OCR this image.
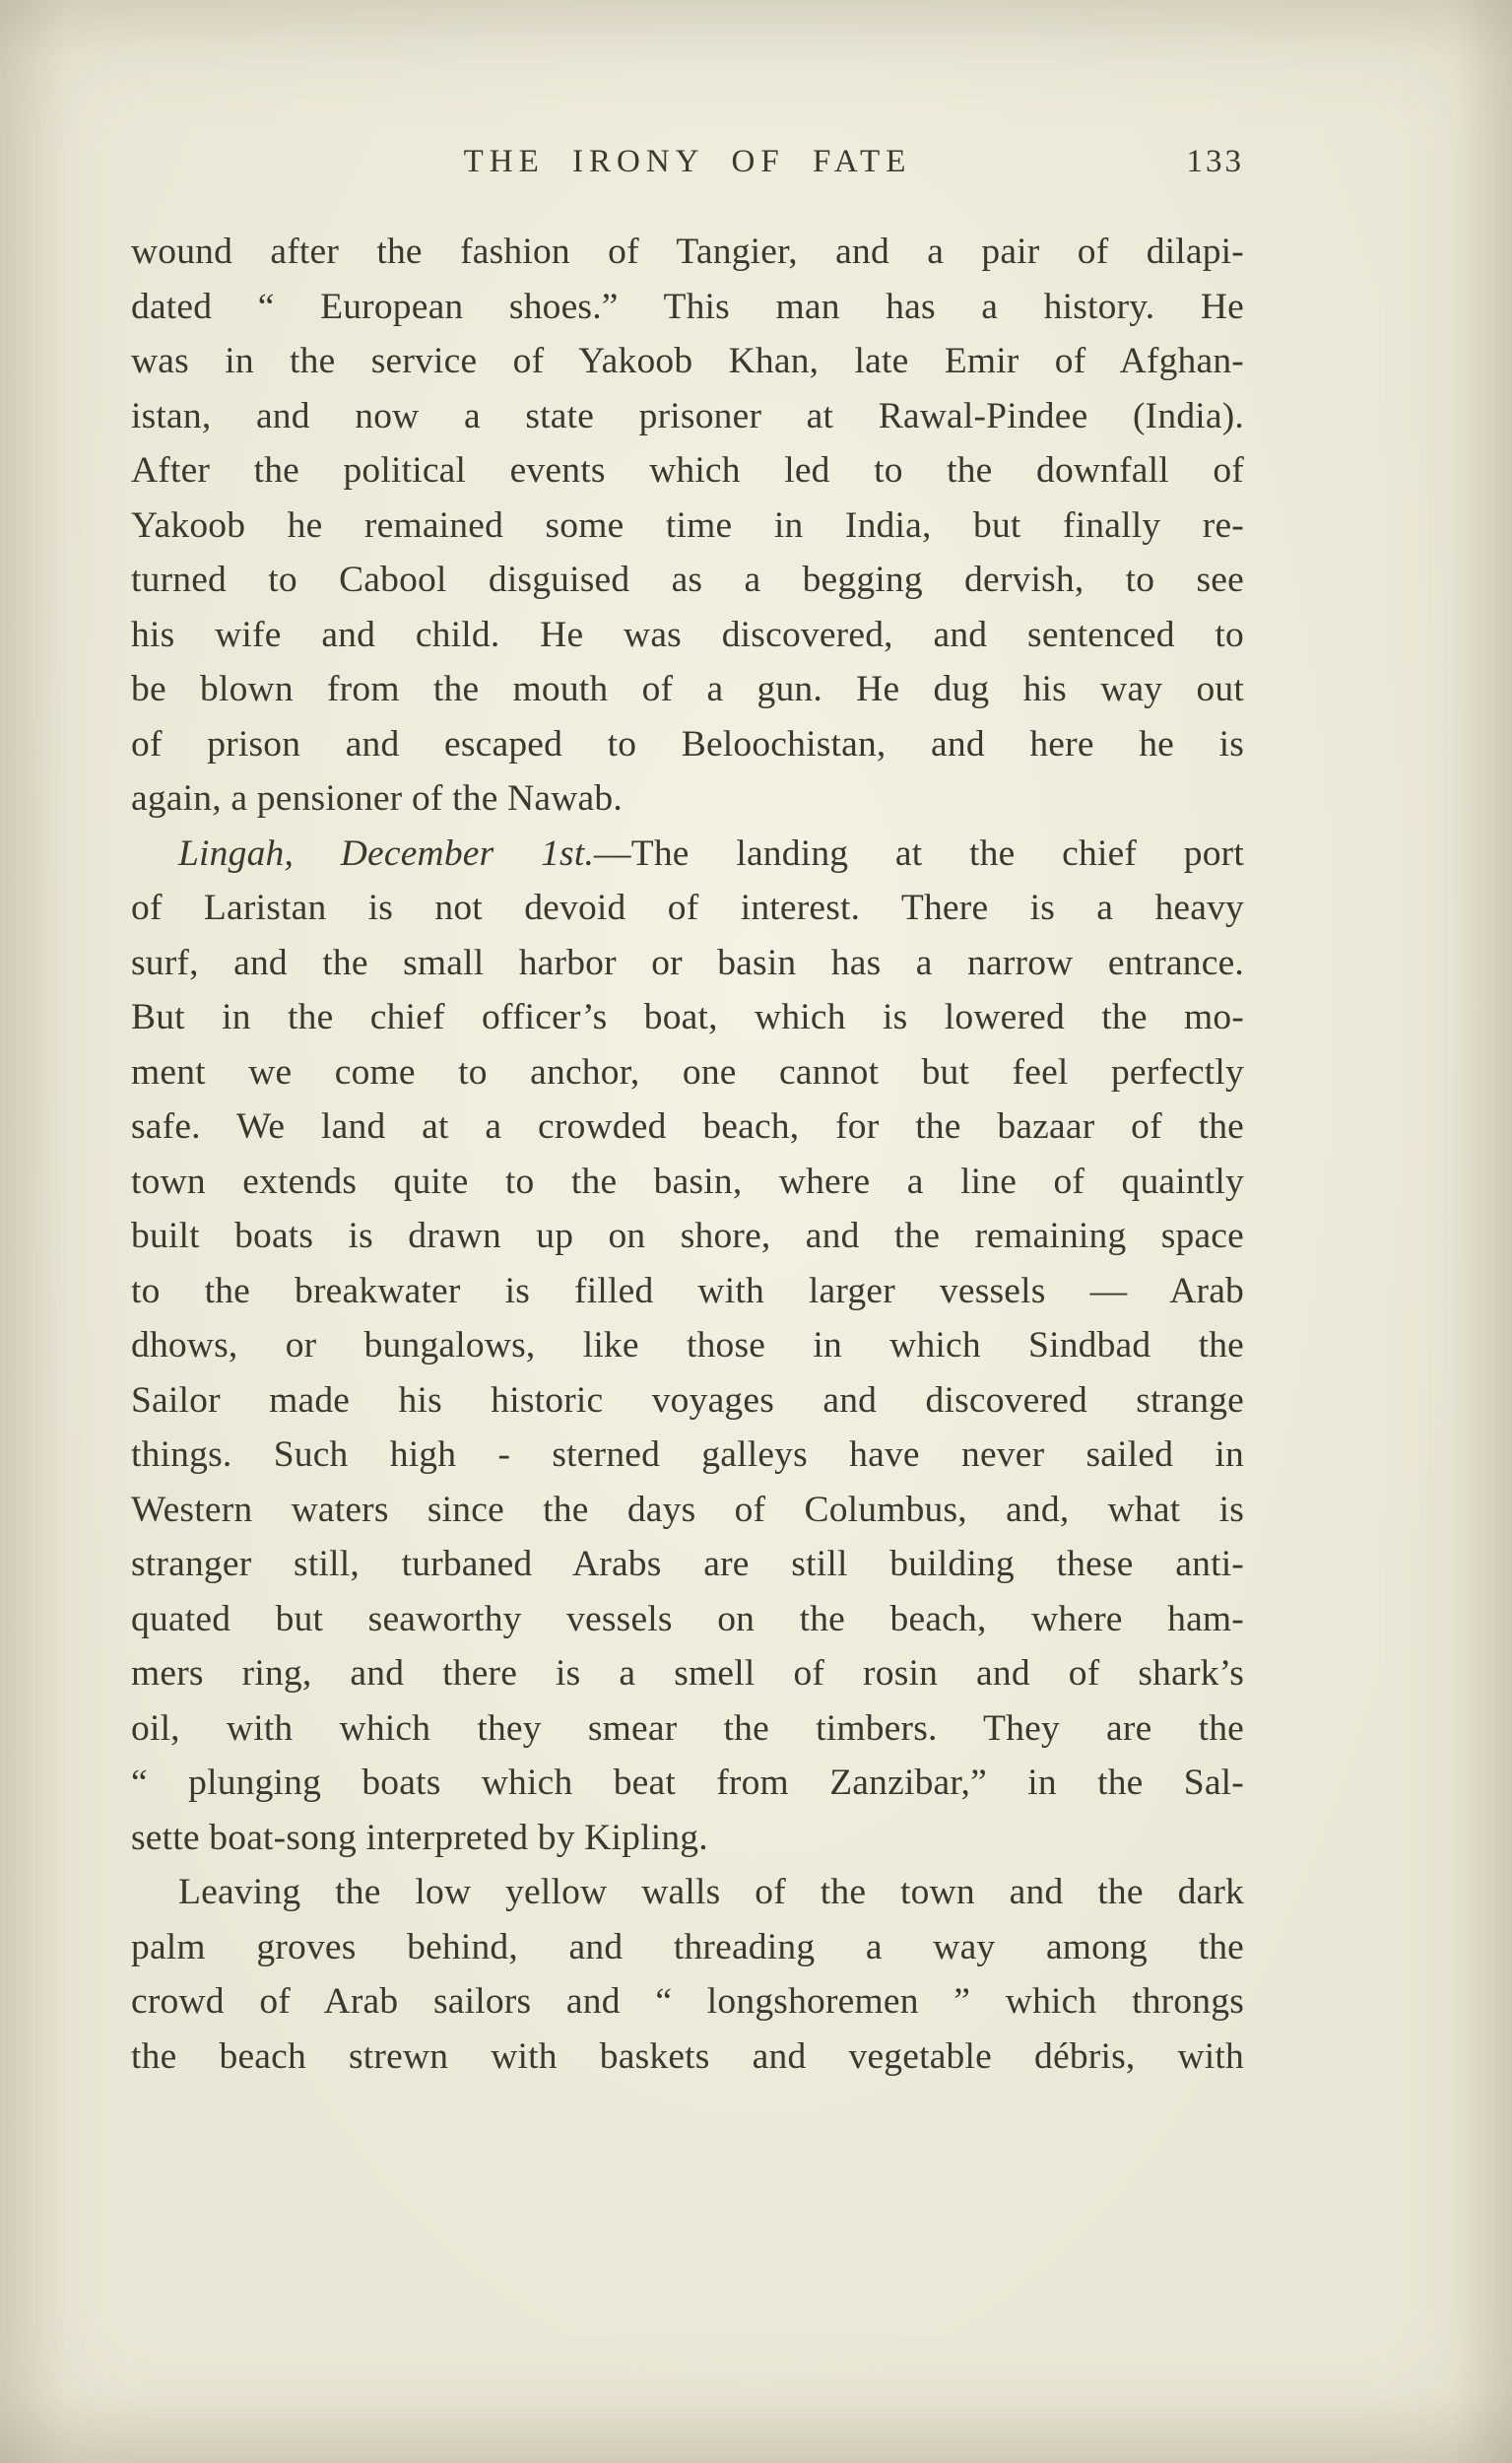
THE IRONY OF FATE	133
wound after the fashion of Tangier, and a pair of dilapi-
dated “ European shoes.” This man has a history. He
was in the service of Yakoob Khan, late Emir of Afghan-
istan, and now a state prisoner at Rawal-Pindee (India).
After the political events which led to the downfall of
Yakoob he remained some time in India, but finally re-
turned to Cabool disguised as a begging dervish, to see
his wife and child. He was discovered, and sentenced to
be blown from the mouth of a gun. He dug his way out
of prison and escaped to Beloochistan, and here he is
again, a pensioner of the Nawab.
Lingah, December 1st.—The landing at the chief port
of Laristan is not devoid of interest. There is a heavy
surf, and the small harbor or basin has a narrow entrance.
But in the chief officer’s boat, which is lowered the mo-
ment we come to anchor, one cannot but feel perfectly
safe. We land at a crowded beach, for the bazaar of the
town extends quite to the basin, where a line of quaintly
built boats is drawn up on shore, and the remaining space
to the breakwater is filled with larger vessels — Arab
dhows, or bungalows, like those in which Sindbad the
Sailor made his historic voyages and discovered strange
things. Such high - sterned galleys have never sailed in
Western waters since the days of Columbus, and, what is
stranger still, turbaned Arabs are still building these anti-
quated but seaworthy vessels on the beach, where ham-
mers ring, and there is a smell of rosin and of shark’s
oil, with which they smear the timbers. They are the
“ plunging boats which beat from Zanzibar,” in the Sal-
sette boat-song interpreted by Kipling.
Leaving the low yellow walls of the town and the dark
palm groves behind, and threading a way among the
crowd of Arab sailors and “ longshoremen ” which throngs
the beach strewn with baskets and vegetable débris, with
